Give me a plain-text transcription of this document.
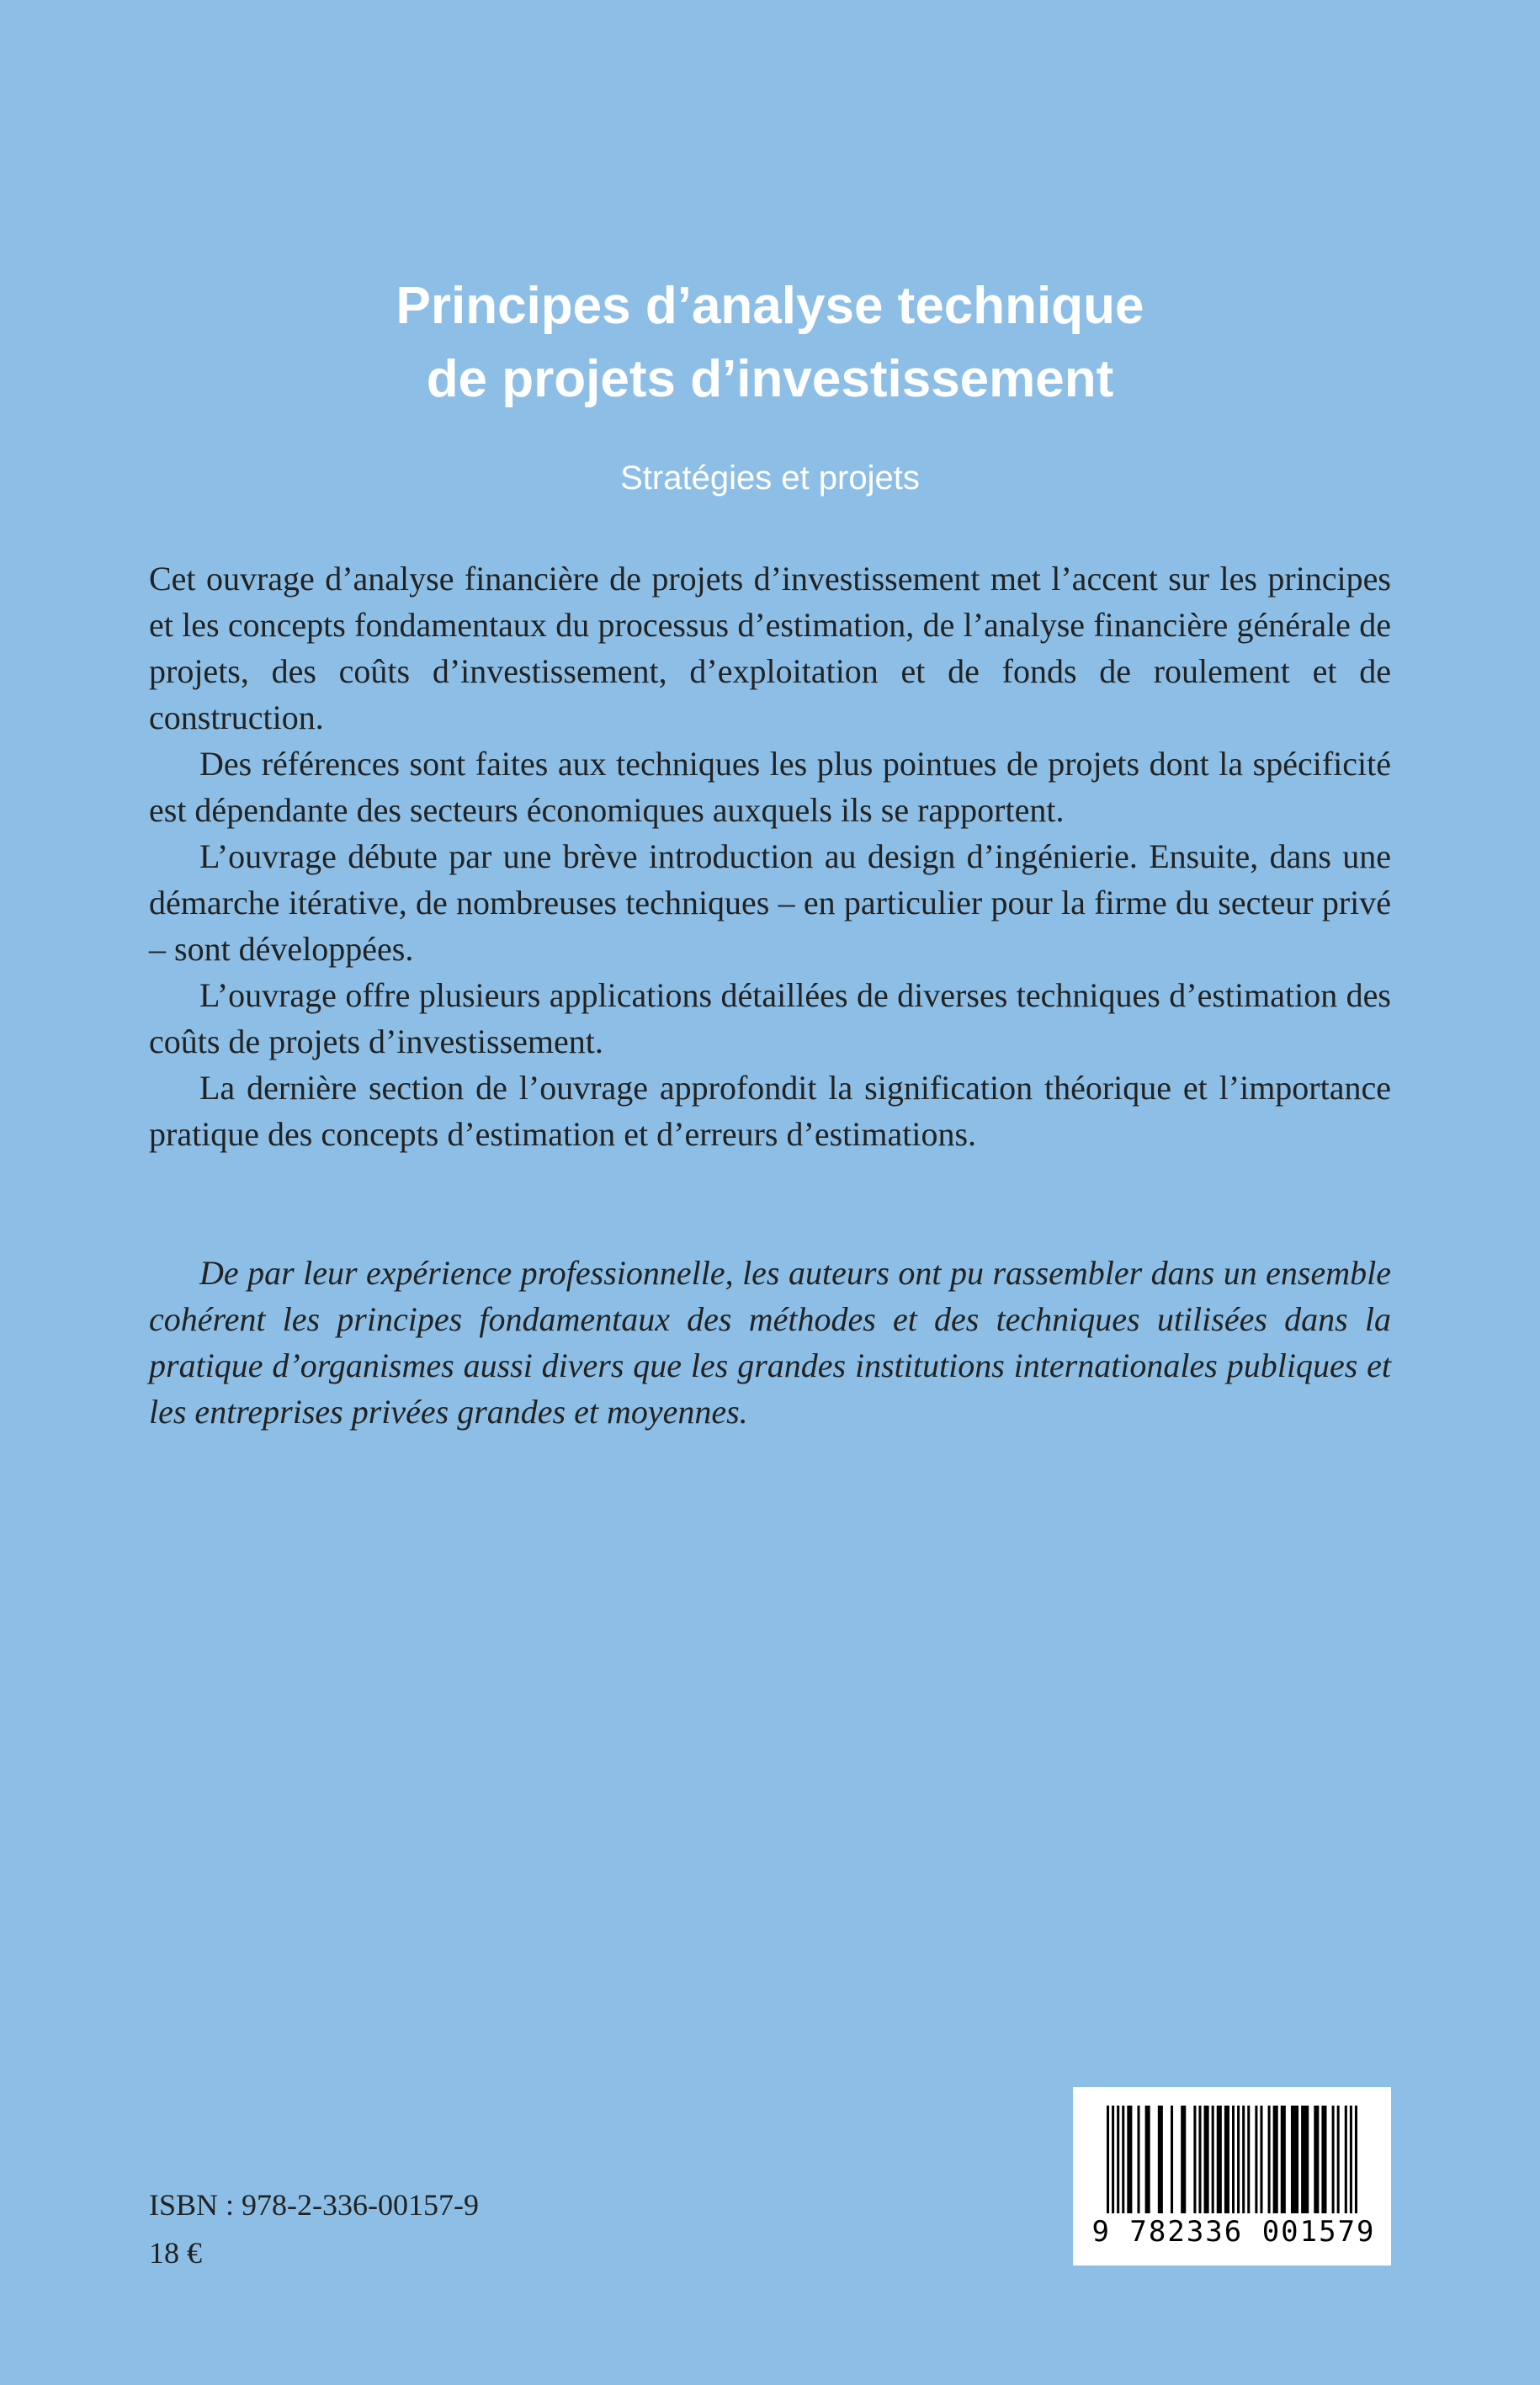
Principes d’analyse technique
de projets d’investissement
Stratégies et projets

Cet ouvrage d’analyse financière de projets d’investissement met l’accent sur les principes et les concepts fondamentaux du processus d’estimation, de l’analyse financière générale de projets, des coûts d’investissement, d’exploitation et de fonds de roulement et de construction.

Des références sont faites aux techniques les plus pointues de projets dont la spécificité est dépendante des secteurs économiques auxquels ils se rapportent.

L’ouvrage débute par une brève introduction au design d’ingénierie. Ensuite, dans une démarche itérative, de nombreuses techniques – en particulier pour la firme du secteur privé – sont développées.

L’ouvrage offre plusieurs applications détaillées de diverses techniques d’estimation des coûts de projets d’investissement.

La dernière section de l’ouvrage approfondit la signification théorique et l’importance pratique des concepts d’estimation et d’erreurs d’estimations.

De par leur expérience professionnelle, les auteurs ont pu rassembler dans un ensemble cohérent les principes fondamentaux des méthodes et des techniques utilisées dans la pratique d’organismes aussi divers que les grandes institutions internationales publiques et les entreprises privées grandes et moyennes.

ISBN : 978-2-336-00157-9
18 €
9 782336 001579
